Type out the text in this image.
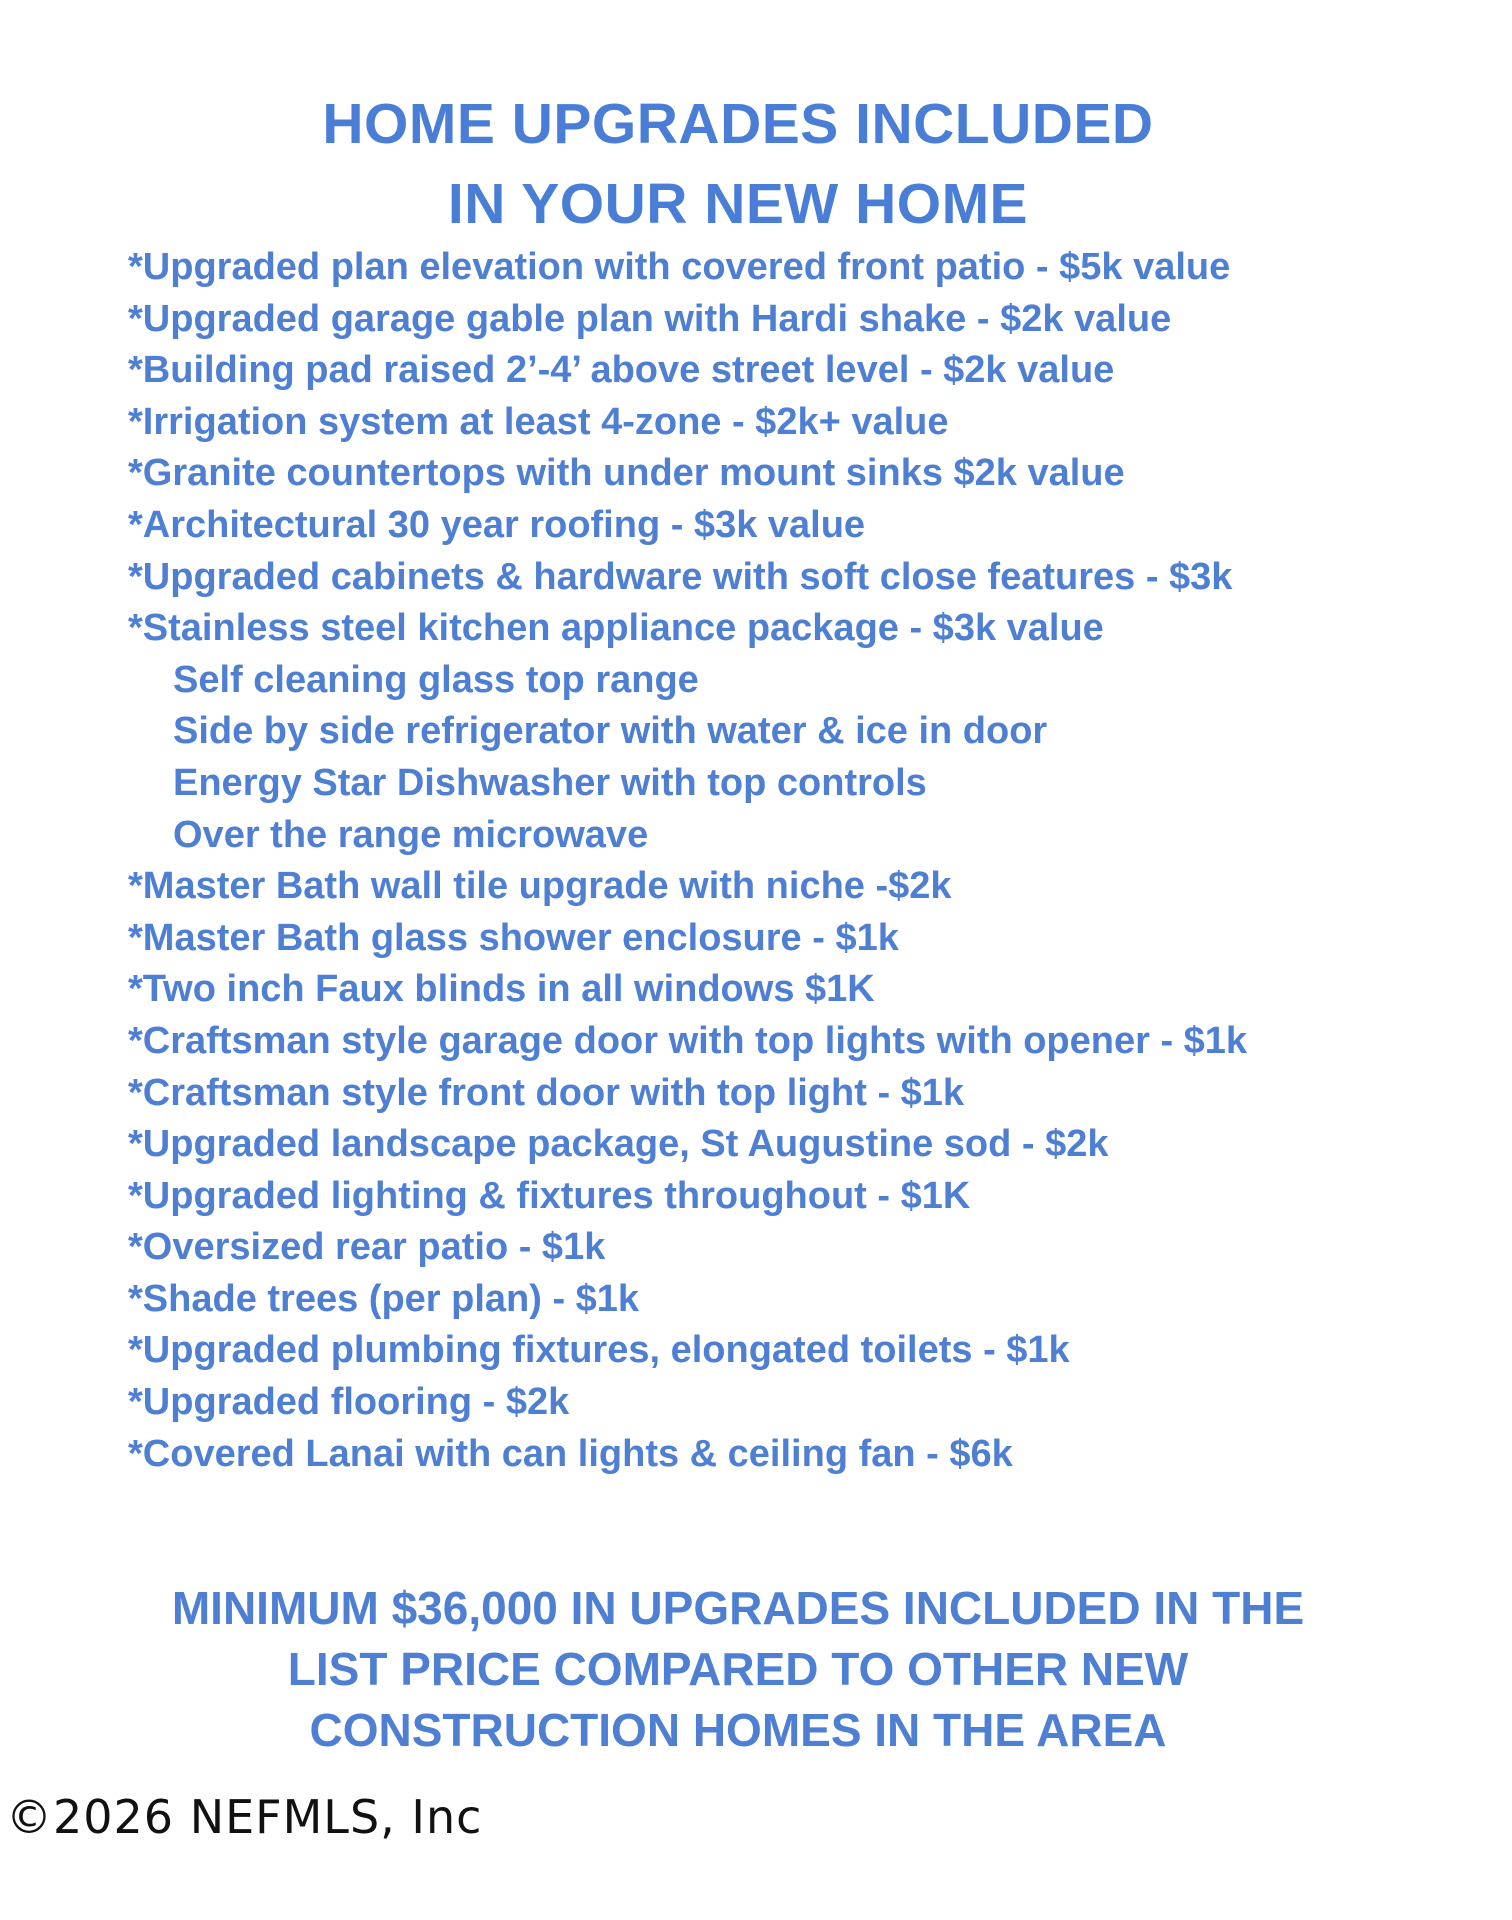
HOME UPGRADES INCLUDED
IN YOUR NEW HOME
*Upgraded plan elevation with covered front patio - $5k value
*Upgraded garage gable plan with Hardi shake - $2k value
*Building pad raised 2’-4’ above street level - $2k value
*Irrigation system at least 4-zone - $2k+ value
*Granite countertops with under mount sinks $2k value
*Architectural 30 year roofing - $3k value
*Upgraded cabinets & hardware with soft close features - $3k
*Stainless steel kitchen appliance package - $3k value
Self cleaning glass top range
Side by side refrigerator with water & ice in door
Energy Star Dishwasher with top controls
Over the range microwave
*Master Bath wall tile upgrade with niche -$2k
*Master Bath glass shower enclosure - $1k
*Two inch Faux blinds in all windows $1K
*Craftsman style garage door with top lights with opener - $1k
*Craftsman style front door with top light - $1k
*Upgraded landscape package, St Augustine sod - $2k
*Upgraded lighting & fixtures throughout - $1K
*Oversized rear patio - $1k
*Shade trees (per plan) - $1k
*Upgraded plumbing fixtures, elongated toilets - $1k
*Upgraded flooring - $2k
*Covered Lanai with can lights & ceiling fan - $6k
MINIMUM $36,000 IN UPGRADES INCLUDED IN THE
LIST PRICE COMPARED TO OTHER NEW
CONSTRUCTION HOMES IN THE AREA
©2026 NEFMLS, Inc
